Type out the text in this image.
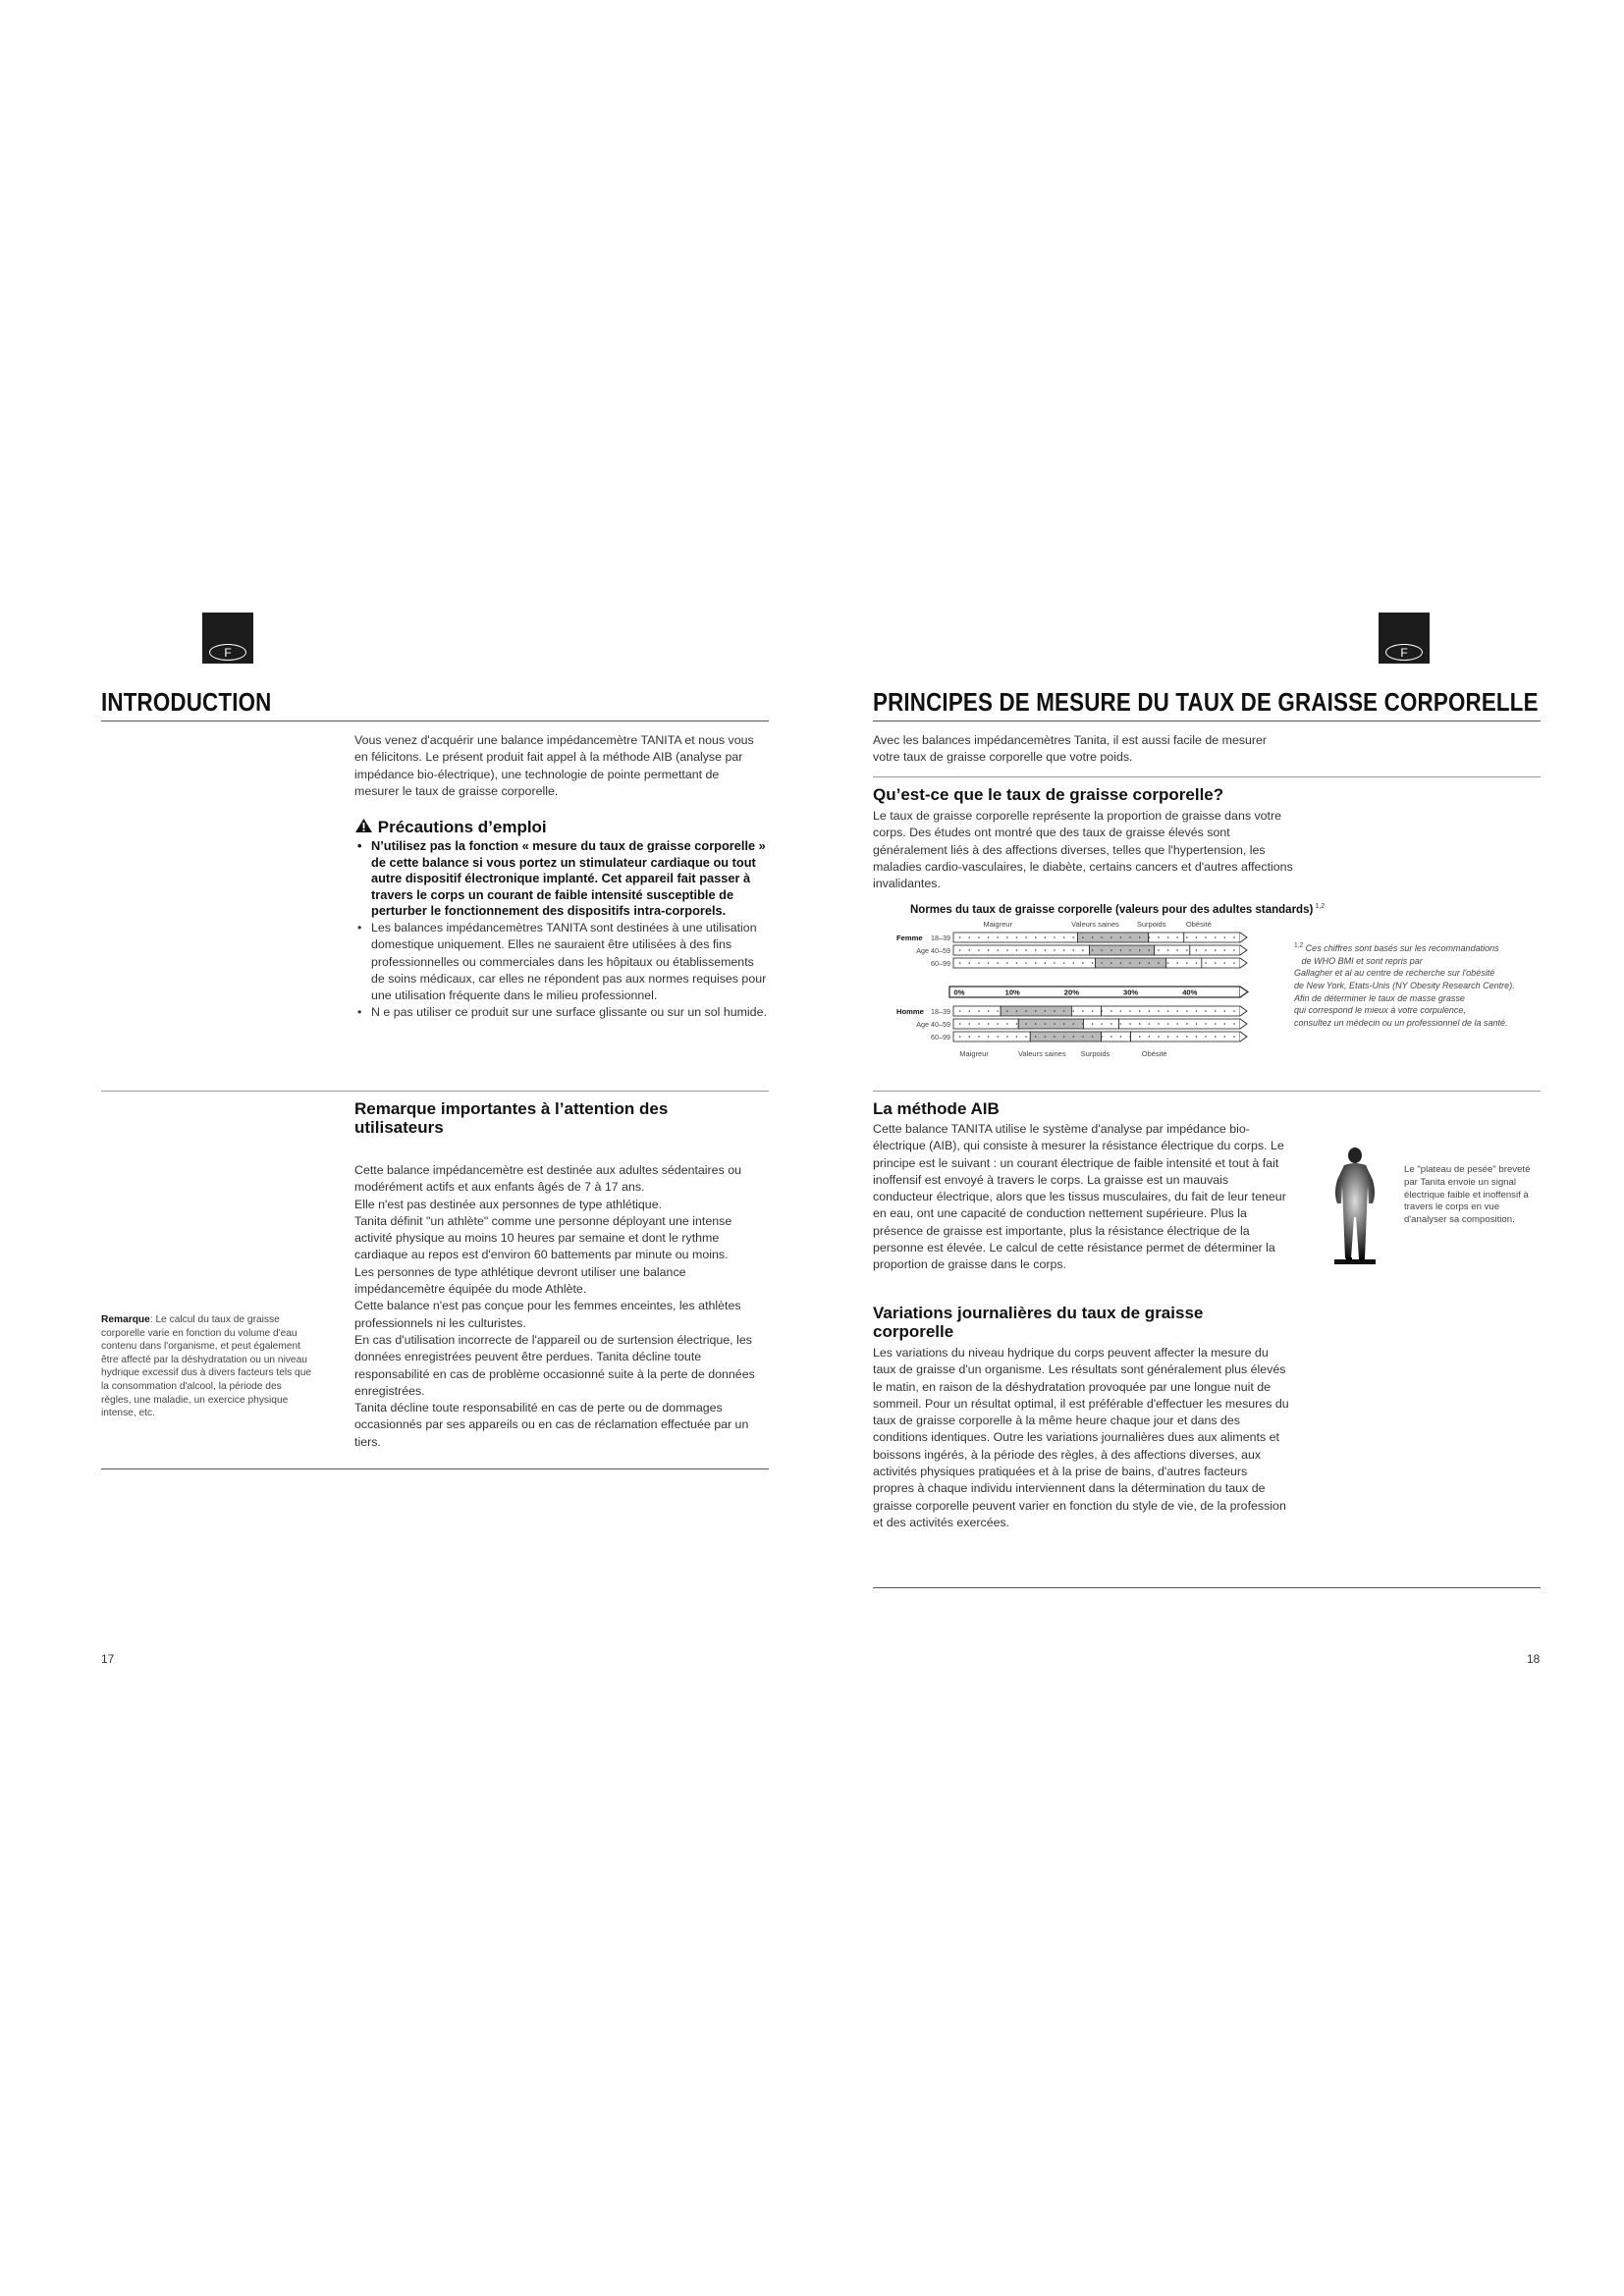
F
INTRODUCTION
Vous venez d'acquérir une balance impédancemètre TANITA et nous vous en félicitons. Le présent produit fait appel à la méthode AIB (analyse par impédance bio-électrique), une technologie de pointe permettant de mesurer le taux de graisse corporelle.
Précautions d’emploi
• N’utilisez pas la fonction « mesure du taux de graisse corporelle » de cette balance si vous portez un stimulateur cardiaque ou tout autre dispositif électronique implanté. Cet appareil fait passer à travers le corps un courant de faible intensité susceptible de perturber le fonctionnement des dispositifs intra-corporels.
• Les balances impédancemètres TANITA sont destinées à une utilisation domestique uniquement. Elles ne sauraient être utilisées à des fins professionnelles ou commerciales dans les hôpitaux ou établissements de soins médicaux, car elles ne répondent pas aux normes requises pour une utilisation fréquente dans le milieu professionnel.
• N e pas utiliser ce produit sur une surface glissante ou sur un sol humide.
Remarque importantes à l’attention des utilisateurs

Cette balance impédancemètre est destinée aux adultes sédentaires ou modérément actifs et aux enfants âgés de 7 à 17 ans.

Elle n'est pas destinée aux personnes de type athlétique.

Tanita définit "un athlète" comme une personne déployant une intense activité physique au moins 10 heures par semaine et dont le rythme cardiaque au repos est d'environ 60 battements par minute ou moins.

Les personnes de type athlétique devront utiliser une balance impédancemètre équipée du mode Athlète.

Cette balance n'est pas conçue pour les femmes enceintes, les athlètes professionnels ni les culturistes.

En cas d'utilisation incorrecte de l'appareil ou de surtension électrique, les données enregistrées peuvent être perdues. Tanita décline toute responsabilité en cas de problème occasionné suite à la perte de données enregistrées.

Tanita décline toute responsabilité en cas de perte ou de dommages occasionnés par ses appareils ou en cas de réclamation effectuée par un tiers.

Remarque: Le calcul du taux de graisse corporelle varie en fonction du volume d'eau contenu dans l'organisme, et peut également être affecté par la déshydratation ou un niveau hydrique excessif dus à divers facteurs tels que la consommation d'alcool, la période des règles, une maladie, un exercice physique intense, etc.
17
F
PRINCIPES DE MESURE DU TAUX DE GRAISSE CORPORELLE
Avec les balances impédancemètres Tanita, il est aussi facile de mesurer votre taux de graisse corporelle que votre poids.
Qu’est-ce que le taux de graisse corporelle?
Le taux de graisse corporelle représente la proportion de graisse dans votre corps. Des études ont montré que des taux de graisse élevés sont généralement liés à des affections diverses, telles que l'hypertension, les maladies cardio-vasculaires, le diabète, certains cancers et d'autres affections invalidantes.
Normes du taux de graisse corporelle (valeurs pour des adultes standards) 1,2
Maigreur	Valeurs saines Surpoids	Obésité
18–39
Femme
Age 40–59
60–99
18–39
Homme
Age 40–59
60–99
0%	10%	20%	30%	40%
Maigreur	Valeurs saines Surpoids	Obésité
$^{1,2}$ Ces chiffres sont basés sur les recommandations
de WHO BMI et sont repris par
Gallagher et al au centre de recherche sur l'obésité
de New York, Etats-Unis (NY Obesity Research Centre).
Afin de déterminer le taux de masse grasse
qui correspond le mieux à votre corpulence,
consultez un médecin ou un professionnel de la santé.
La méthode AIB
Cette balance TANITA utilise le système d'analyse par impédance bio-électrique (AIB), qui consiste à mesurer la résistance électrique du corps. Le principe est le suivant : un courant électrique de faible intensité et tout à fait inoffensif est envoyé à travers le corps. La graisse est un mauvais conducteur électrique, alors que les tissus musculaires, du fait de leur teneur en eau, ont une capacité de conduction nettement supérieure. Plus la présence de graisse est importante, plus la résistance électrique de la personne est élevée. Le calcul de cette résistance permet de déterminer la proportion de graisse dans le corps.
Le "plateau de pesée" breveté par Tanita envoie un signal électrique faible et inoffensif à travers le corps en vue d'analyser sa composition.
Variations journalières du taux de graisse corporelle
Les variations du niveau hydrique du corps peuvent affecter la mesure du taux de graisse d'un organisme. Les résultats sont généralement plus élevés le matin, en raison de la déshydratation provoquée par une longue nuit de sommeil. Pour un résultat optimal, il est préférable d'effectuer les mesures du taux de graisse corporelle à la même heure chaque jour et dans des conditions identiques. Outre les variations journalières dues aux aliments et boissons ingérés, à la période des règles, à des affections diverses, aux activités physiques pratiquées et à la prise de bains, d'autres facteurs propres à chaque individu interviennent dans la détermination du taux de graisse corporelle peuvent varier en fonction du style de vie, de la profession et des activités exercées.
18
